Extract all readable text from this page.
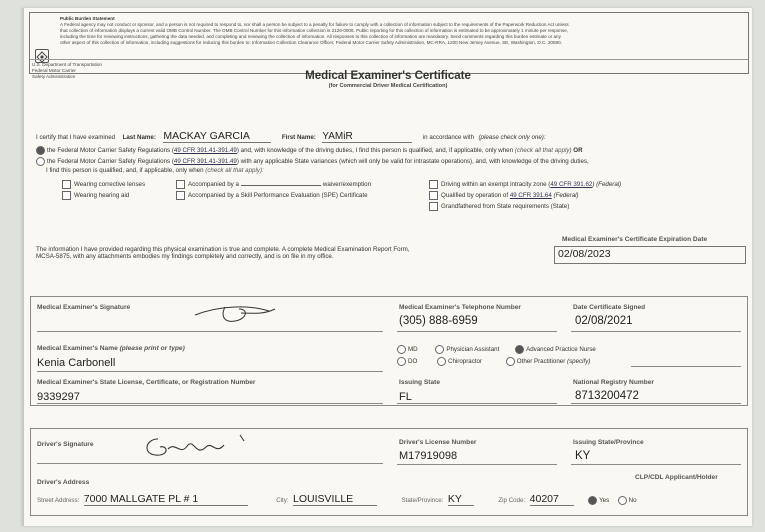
Public Burden Statement
A Federal agency may not conduct or sponsor, and a person is not required to respond to, nor shall a person be subject to a penalty for failure to comply with a collection of information subject to the requirements of the Paperwork Reduction Act unless
that collection of information displays a current valid OMB Control Number. The OMB Control Number for this information collection is 2126-0006. Public reporting for this collection of information is estimated to be approximately 1 minute per response,
including the time for reviewing instructions, gathering the data needed, and completing and reviewing the collection of information. All responses to this collection of information are mandatory. Send comments regarding this burden estimate or any
other aspect of this collection of information, including suggestions for reducing this burden to: Information Collection Clearance Officer, Federal Motor Carrier Safety Administration, MC-RRA, 1200 New Jersey Avenue, SE, Washington, D.C. 20590.
U.S. Department of Transportation
Federal Motor Carrier
Safety Administration	Medical Examiner's Certificate
(for Commercial Driver Medical Certification)
I certify that I have examined Last Name: MACKAY GARCIA	First Name: YAMiR	in accordance with (please check only one):
the Federal Motor Carrier Safety Regulations (49 CFR 391.41-391.49) and, with knowledge of the driving duties, I find this person is qualified, and, if applicable, only when (check all that apply) OR
the Federal Motor Carrier Safety Regulations (49 CFR 391.41-391.49) with any applicable State variances (which will only be valid for intrastate operations), and, with knowledge of the driving duties,
I find this person is qualified, and, if applicable, only when (check all that apply):
Wearing corrective lenses
Wearing hearing aid
Accompanied by a	waiver/exemption
Accompanied by a Skill Performance Evaluation (SPE) Certificate
Driving within an exempt intracity zone (49 CFR 391.62) (Federal)
Qualified by operation of 49 CFR 391.64 (Federal)
Grandfathered from State requirements (State)
The information I have provided regarding this physical examination is true and complete. A complete Medical Examination Report Form,
MCSA-5875, with any attachments embodies my findings completely and correctly, and is on file in my office.
Medical Examiner's Certificate Expiration Date
02/08/2023
Medical Examiner's Signature	Medical Examiner's Telephone Number
(305) 888-6959
Date Certificate Signed
02/08/2021
Medical Examiner's Name (please print or type)
Kenia Carbonell
MD	Physician Assistant	Advanced Practice Nurse
DO	Chiropractor	Other Practitioner (specify)
Medical Examiner's State License, Certificate, or Registration Number
9339297
Issuing State
FL
National Registry Number
8713200472
Driver's Signature	Driver's License Number
M17919098
Issuing State/Province
KY
Driver's Address
CLP/CDL Applicant/Holder
Street Address: 7000 MALLGATE PL # 1	City: LOUISVILLE	State/Province: KY	Zip Code: 40207	Yes	No
